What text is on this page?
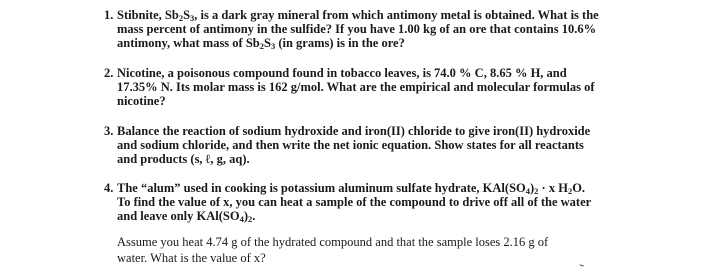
1. Stibnite, $Sb_2S_3$, is a dark gray mineral from which antimony metal is obtained. What is the
mass percent of antimony in the sulfide? If you have 1.00 kg of an ore that contains 10.6%
antimony, what mass of $Sb_2S_3$ (in grams) is in the ore?
2. Nicotine, a poisonous compound found in tobacco leaves, is 74.0 % C, 8.65 % H, and
17.35% N. Its molar mass is 162 g/mol. What are the empirical and molecular formulas of
nicotine?
3. Balance the reaction of sodium hydroxide and iron(II) chloride to give iron(II) hydroxide
and sodium chloride, and then write the net ionic equation. Show states for all reactants
and products (s, ℓ, g, aq).
4. The “alum” used in cooking is potassium aluminum sulfate hydrate, $KAl(SO_4)_2 \cdot x$ $H_2O$.
To find the value of x, you can heat a sample of the compound to drive off all of the water
and leave only $KAl(SO_4)_2$.
Assume you heat 4.74 g of the hydrated compound and that the sample loses 2.16 g of
water. What is the value of x?
